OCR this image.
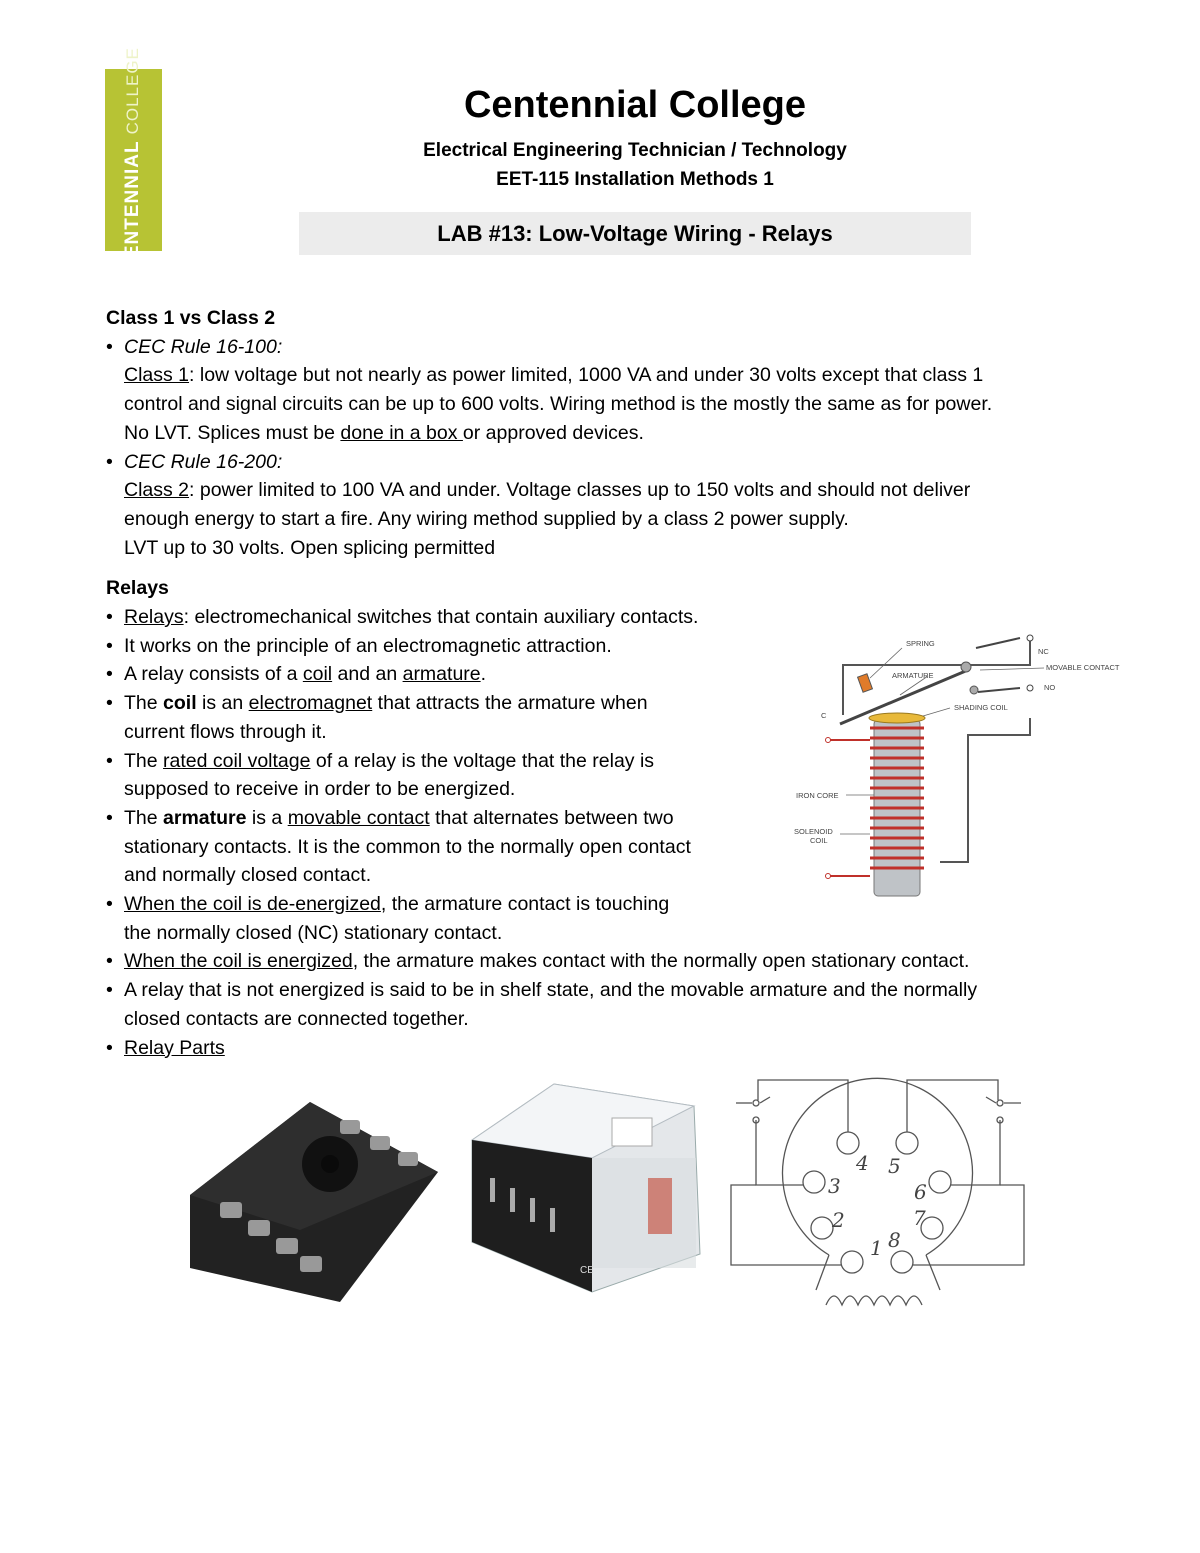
CENTENNIAL
COLLEGE	Centennial College
Electrical Engineering Technician / Technology
EET-115 Installation Methods 1
LAB #13: Low-Voltage Wiring - Relays
Class 1 vs Class 2
• CEC Rule 16-100:
Class 1: low voltage but not nearly as power limited, 1000 VA and under 30 volts except that class 1
control and signal circuits can be up to 600 volts. Wiring method is the mostly the same as for power.
No LVT. Splices must be done in a box or approved devices.
• CEC Rule 16-200:
Class 2: power limited to 100 VA and under. Voltage classes up to 150 volts and should not deliver
enough energy to start a fire. Any wiring method supplied by a class 2 power supply.
LVT up to 30 volts. Open splicing permitted
Relays
• Relays: electromechanical switches that contain auxiliary contacts.
• It works on the principle of an electromagnetic attraction.
• A relay consists of a coil and an armature.
• The coil is an electromagnet that attracts the armature when
current flows through it.
• The rated coil voltage of a relay is the voltage that the relay is
supposed to receive in order to be energized.
• The armature is a movable contact that alternates between two
stationary contacts. It is the common to the normally open contact
and normally closed contact.
• When the coil is de-energized, the armature contact is touching
the normally closed (NC) stationary contact.
• When the coil is energized, the armature makes contact with the normally open stationary contact.
• A relay that is not energized is said to be in shelf state, and the movable armature and the normally
closed contacts are connected together.
• Relay Parts
SPRING
NC
ARMATURE
MOVABLE CONTACT
NO
C
SHADING COIL
IRON CORE
SOLENOID
COIL
CE
1
2
3
4 5
6
7
8
